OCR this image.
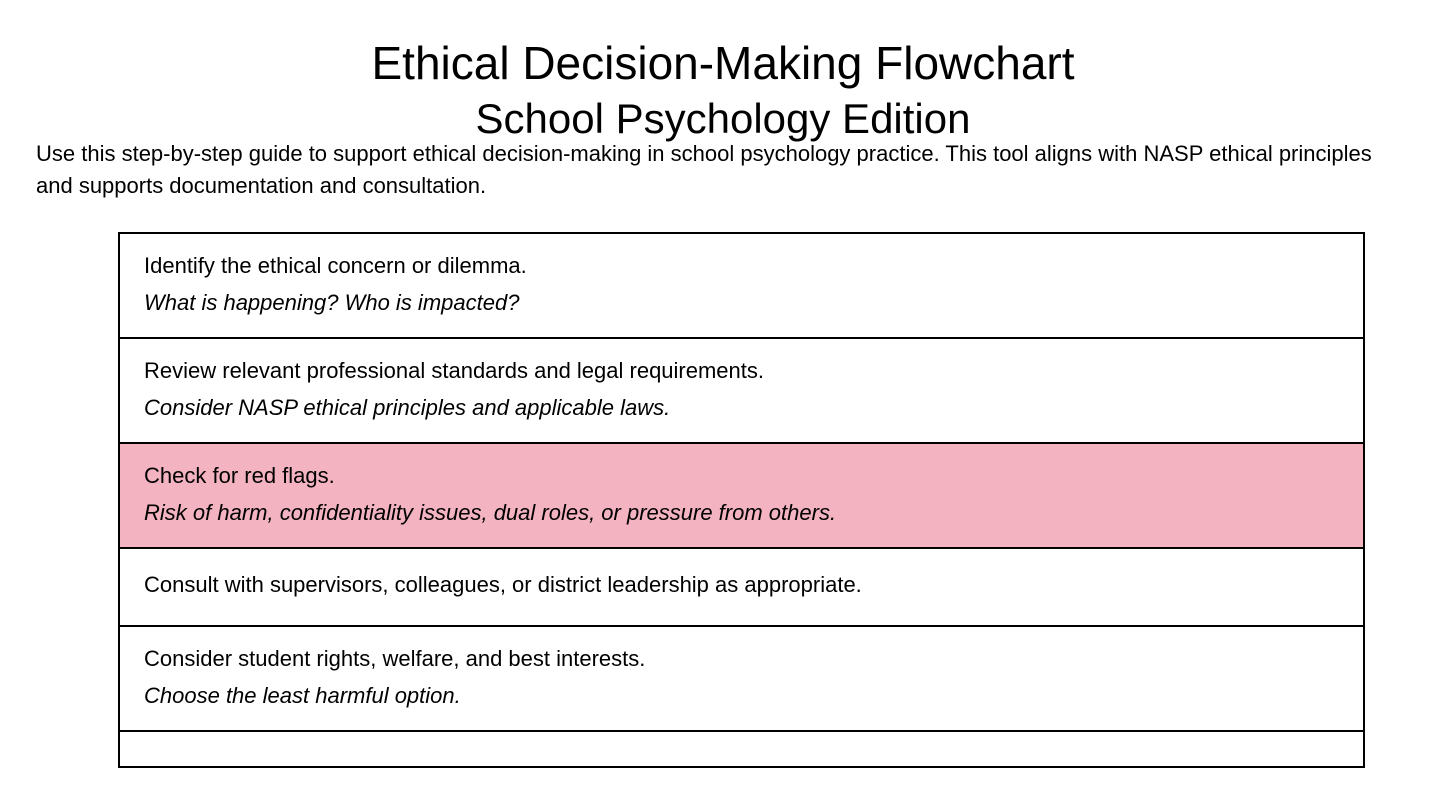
Ethical Decision-Making Flowchart
School Psychology Edition
Use this step-by-step guide to support ethical decision-making in school psychology practice. This tool aligns with NASP ethical principles and supports documentation and consultation.
Identify the ethical concern or dilemma.
What is happening? Who is impacted?
Review relevant professional standards and legal requirements.
Consider NASP ethical principles and applicable laws.
Check for red flags.
Risk of harm, confidentiality issues, dual roles, or pressure from others.
Consult with supervisors, colleagues, or district leadership as appropriate.
Consider student rights, welfare, and best interests.
Choose the least harmful option.
